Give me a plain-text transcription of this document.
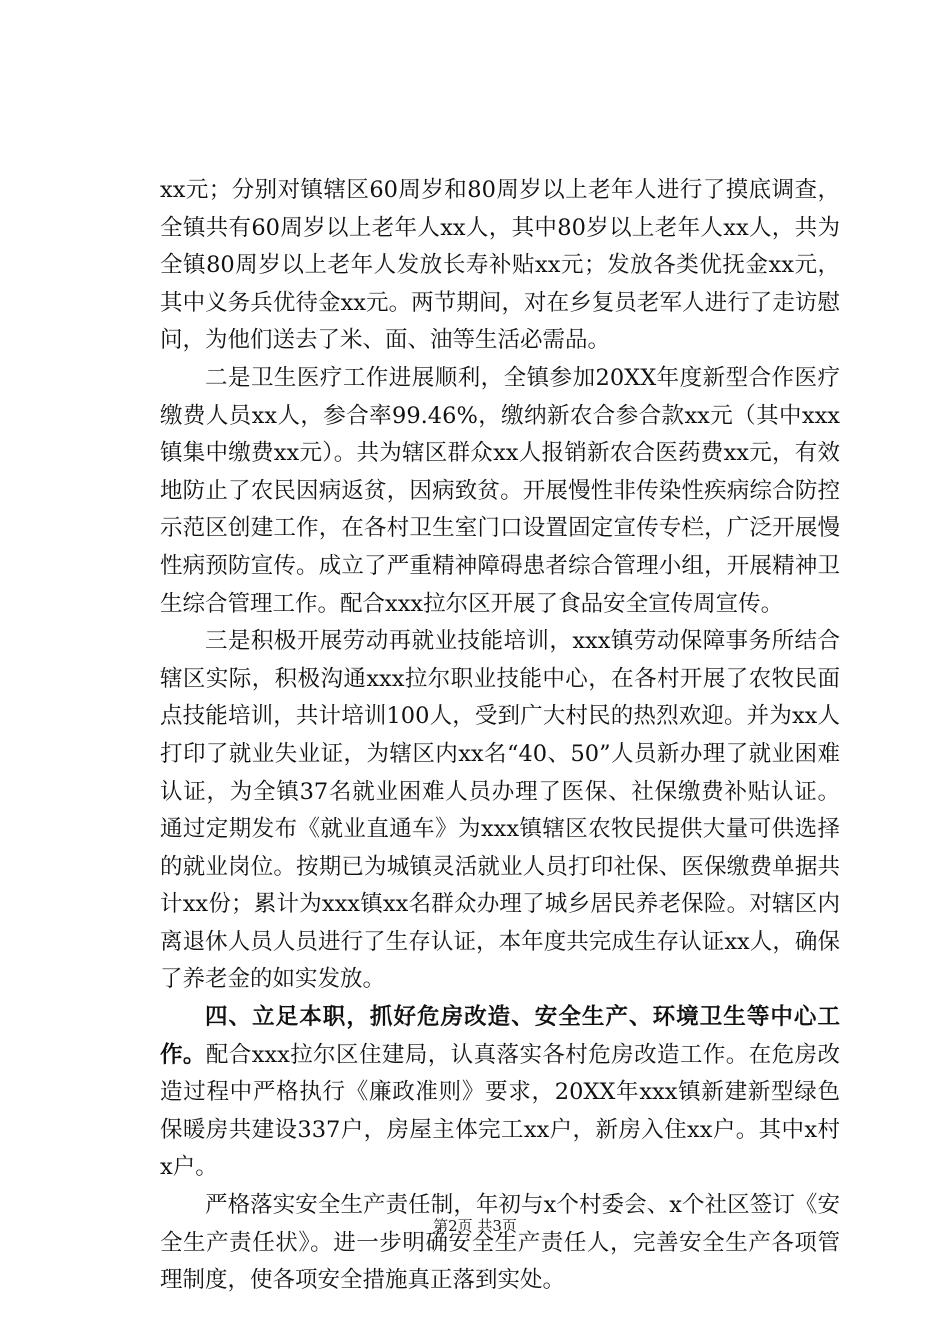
xx元；分别对镇辖区60周岁和80周岁以上老年人进行了摸底调查，全镇共有60周岁以上老年人xx人，其中80岁以上老年人xx人，共为全镇80周岁以上老年人发放长寿补贴xx元；发放各类优抚金xx元，其中义务兵优待金xx元。两节期间，对在乡复员老军人进行了走访慰问，为他们送去了米、面、油等生活必需品。

二是卫生医疗工作进展顺利，全镇参加20XX年度新型合作医疗缴费人员xx人，参合率99.46%，缴纳新农合参合款xx元（其中xxx镇集中缴费xx元）。共为辖区群众xx人报销新农合医药费xx元，有效地防止了农民因病返贫，因病致贫。开展慢性非传染性疾病综合防控示范区创建工作，在各村卫生室门口设置固定宣传专栏，广泛开展慢性病预防宣传。成立了严重精神障碍患者综合管理小组，开展精神卫生综合管理工作。配合xxx拉尔区开展了食品安全宣传周宣传。

三是积极开展劳动再就业技能培训，xxx镇劳动保障事务所结合辖区实际，积极沟通xxx拉尔职业技能中心，在各村开展了农牧民面点技能培训，共计培训100人，受到广大村民的热烈欢迎。并为xx人打印了就业失业证，为辖区内xx名“40、50”人员新办理了就业困难认证，为全镇37名就业困难人员办理了医保、社保缴费补贴认证。通过定期发布《就业直通车》为xxx镇辖区农牧民提供大量可供选择的就业岗位。按期已为城镇灵活就业人员打印社保、医保缴费单据共计xx份；累计为xxx镇xx名群众办理了城乡居民养老保险。对辖区内离退休人员人员进行了生存认证，本年度共完成生存认证xx人，确保了养老金的如实发放。

四、立足本职，抓好危房改造、安全生产、环境卫生等中心工作。配合xxx拉尔区住建局，认真落实各村危房改造工作。在危房改造过程中严格执行《廉政准则》要求，20XX年xxx镇新建新型绿色保暖房共建设337户，房屋主体完工xx户，新房入住xx户。其中x村x户。

严格落实安全生产责任制，年初与x个村委会、x个社区签订《安全生产责任状》。进一步明确安全生产责任人，完善安全生产各项管理制度，使各项安全措施真正落到实处。

第2页 共3页
